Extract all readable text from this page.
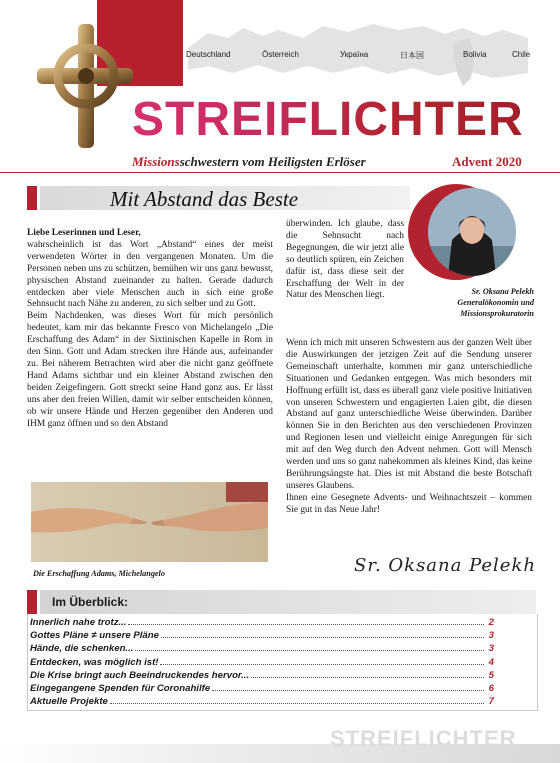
Deutschland	Österreich	Україна	日本国	Bolivia	Chile
STREIFLICHTER
Missionsschwestern vom Heiligsten Erlöser	Advent 2020
Mit Abstand das Beste

Liebe Leserinnen und Leser,

wahrscheinlich ist das Wort „Abstand“ eines der meist verwendeten Wörter in den vergangenen Monaten. Um die Personen neben uns zu schützen, bemühen wir uns ganz bewusst, physischen Abstand zueinander zu halten. Gerade dadurch entdecken aber viele Menschen auch in sich eine große Sehnsucht nach Nähe zu anderen, zu sich selber und zu Gott.

Beim Nachdenken, was dieses Wort für mich persönlich bedeutet, kam mir das bekannte Fresco von Michelangelo „Die Erschaffung des Adam“ in der Sixtinischen Kapelle in Rom in den Sinn. Gott und Adam strecken ihre Hände aus, aufeinander zu. Bei näherem Betrachten wird aber die nicht ganz geöffnete Hand Adams sichtbar und ein kleiner Abstand zwischen den beiden Zeigefingern. Gott streckt seine Hand ganz aus. Er lässt uns aber den freien Willen, damit wir selber entscheiden können, ob wir unsere Hände und Herzen gegenüber den Anderen und IHM ganz öffnen und so den Abstand

Sr. Oksana Pelekh
Generalökonomin und
Missionsprokuratorin

überwinden. Ich glaube, dass die Sehnsucht nach Begegnungen, die wir jetzt alle so deutlich spüren, ein Zeichen dafür ist, dass diese seit der Erschaffung der Welt in der Natur des Menschen liegt.

Wenn ich mich mit unseren Schwestern aus der ganzen Welt über die Auswirkungen der jetzigen Zeit auf die Sendung unserer Gemeinschaft unterhalte, kommen mir ganz unterschiedliche Situationen und Gedanken entgegen. Was mich besonders mit Hoffnung erfüllt ist, dass es überall ganz viele positive Initiativen von unseren Schwestern und engagierten Laien gibt, die diesen Abstand auf ganz unterschiedliche Weise überwinden. Darüber können Sie in den Berichten aus den verschiedenen Provinzen und Regionen lesen und vielleicht einige Anregungen für sich mit auf den Weg durch den Advent nehmen. Gott will Mensch werden und uns so ganz nahekommen als kleines Kind, das keine Berührungsängste hat. Dies ist mit Abstand die beste Botschaft unseres Glaubens.

Ihnen eine Gesegnete Advents- und Weihnachtszeit – kommen Sie gut in das Neue Jahr!

Die Erschaffung Adams, Michelangelo	Sr. Oksana Pelekh
Im Überblick:
Innerlich nahe trotz...	2
Gottes Pläne ≠ unsere Pläne	3
Hände, die schenken...	3
Entdecken, was möglich ist!	4
Die Krise bringt auch Beeindruckendes hervor...	5
Eingegangene Spenden für Coronahilfe	6
Aktuelle Projekte	7
STREIFLICHTER
